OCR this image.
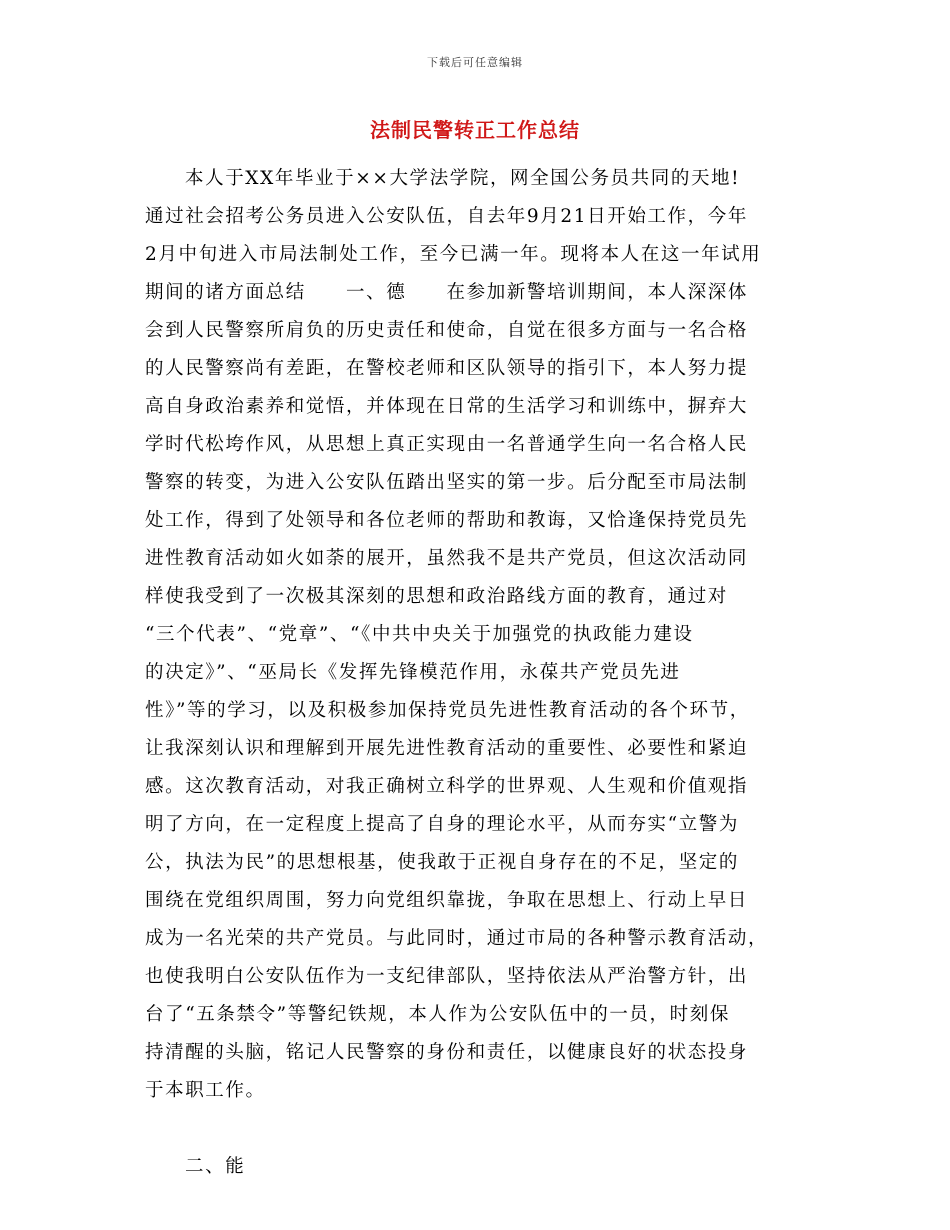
下载后可任意编辑
法制民警转正工作总结
本人于XX年毕业于××大学法学院，网全国公务员共同的天地!
通过社会招考公务员进入公安队伍，自去年9月21日开始工作，今年
2月中旬进入市局法制处工作，至今已满一年。现将本人在这一年试用
期间的诸方面总结　　一、德　　在参加新警培训期间，本人深深体
会到人民警察所肩负的历史责任和使命，自觉在很多方面与一名合格
的人民警察尚有差距，在警校老师和区队领导的指引下，本人努力提
高自身政治素养和觉悟，并体现在日常的生活学习和训练中，摒弃大
学时代松垮作风，从思想上真正实现由一名普通学生向一名合格人民
警察的转变，为进入公安队伍踏出坚实的第一步。后分配至市局法制
处工作，得到了处领导和各位老师的帮助和教诲，又恰逢保持党员先
进性教育活动如火如荼的展开，虽然我不是共产党员，但这次活动同
样使我受到了一次极其深刻的思想和政治路线方面的教育，通过对
“三个代表”、“党章”、“《中共中央关于加强党的执政能力建设
的决定》”、“巫局长《发挥先锋模范作用，永葆共产党员先进
性》”等的学习，以及积极参加保持党员先进性教育活动的各个环节，
让我深刻认识和理解到开展先进性教育活动的重要性、必要性和紧迫
感。这次教育活动，对我正确树立科学的世界观、人生观和价值观指
明了方向，在一定程度上提高了自身的理论水平，从而夯实“立警为
公，执法为民”的思想根基，使我敢于正视自身存在的不足，坚定的
围绕在党组织周围，努力向党组织靠拢，争取在思想上、行动上早日
成为一名光荣的共产党员。与此同时，通过市局的各种警示教育活动，
也使我明白公安队伍作为一支纪律部队，坚持依法从严治警方针，出
台了“五条禁令”等警纪铁规，本人作为公安队伍中的一员，时刻保
持清醒的头脑，铭记人民警察的身份和责任，以健康良好的状态投身
于本职工作。
二、能
